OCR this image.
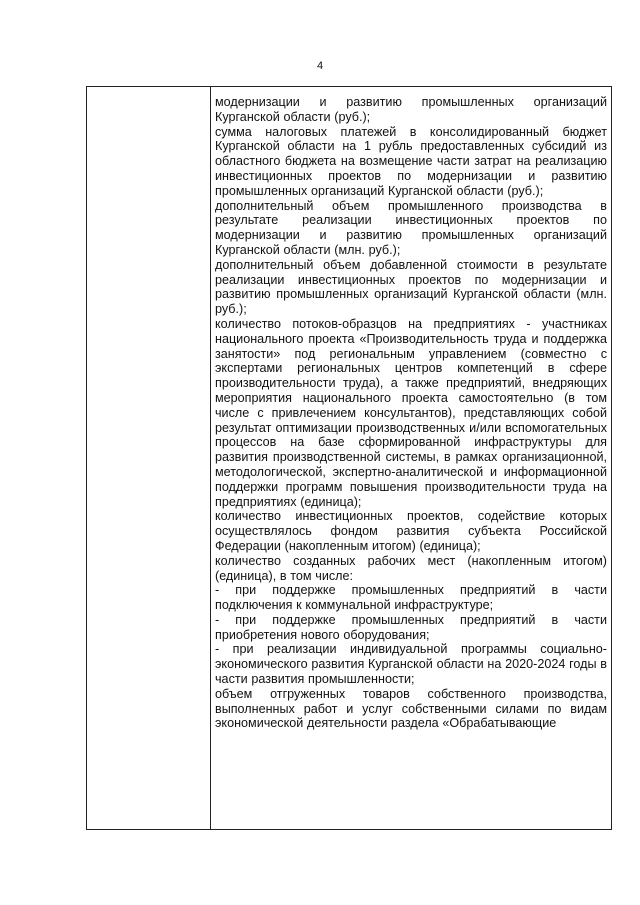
4

модернизации и развитию промышленных организаций Курганской области (руб.);

сумма налоговых платежей в консолидированный бюджет Курганской области на 1 рубль предоставленных субсидий из областного бюджета на возмещение части затрат на реализацию инвестиционных проектов по модернизации и развитию промышленных организаций Курганской области (руб.);

дополнительный объем промышленного производства в результате реализации инвестиционных проектов по модернизации и развитию промышленных организаций Курганской области (млн. руб.);

дополнительный объем добавленной стоимости в результате реализации инвестиционных проектов по модернизации и развитию промышленных организаций Курганской области (млн. руб.);

количество потоков-образцов на предприятиях - участниках национального проекта «Производительность труда и поддержка занятости» под региональным управлением (совместно с экспертами региональных центров компетенций в сфере производительности труда), а также предприятий, внедряющих мероприятия национального проекта самостоятельно (в том числе с привлечением консультантов), представляющих собой результат оптимизации производственных и/или вспомогательных процессов на базе сформированной инфраструктуры для развития производственной системы, в рамках организационной, методологической, экспертно-аналитической и информационной поддержки программ повышения производительности труда на предприятиях (единица);

количество инвестиционных проектов, содействие которых осуществлялось фондом развития субъекта Российской Федерации (накопленным итогом) (единица);

количество созданных рабочих мест (накопленным итогом) (единица), в том числе:

- при поддержке промышленных предприятий в части подключения к коммунальной инфраструктуре;

- при поддержке промышленных предприятий в части приобретения нового оборудования;

- при реализации индивидуальной программы социально-экономического развития Курганской области на 2020-2024 годы в части развития промышленности;

объем отгруженных товаров собственного производства, выполненных работ и услуг собственными силами по видам экономической деятельности раздела «Обрабатывающие
